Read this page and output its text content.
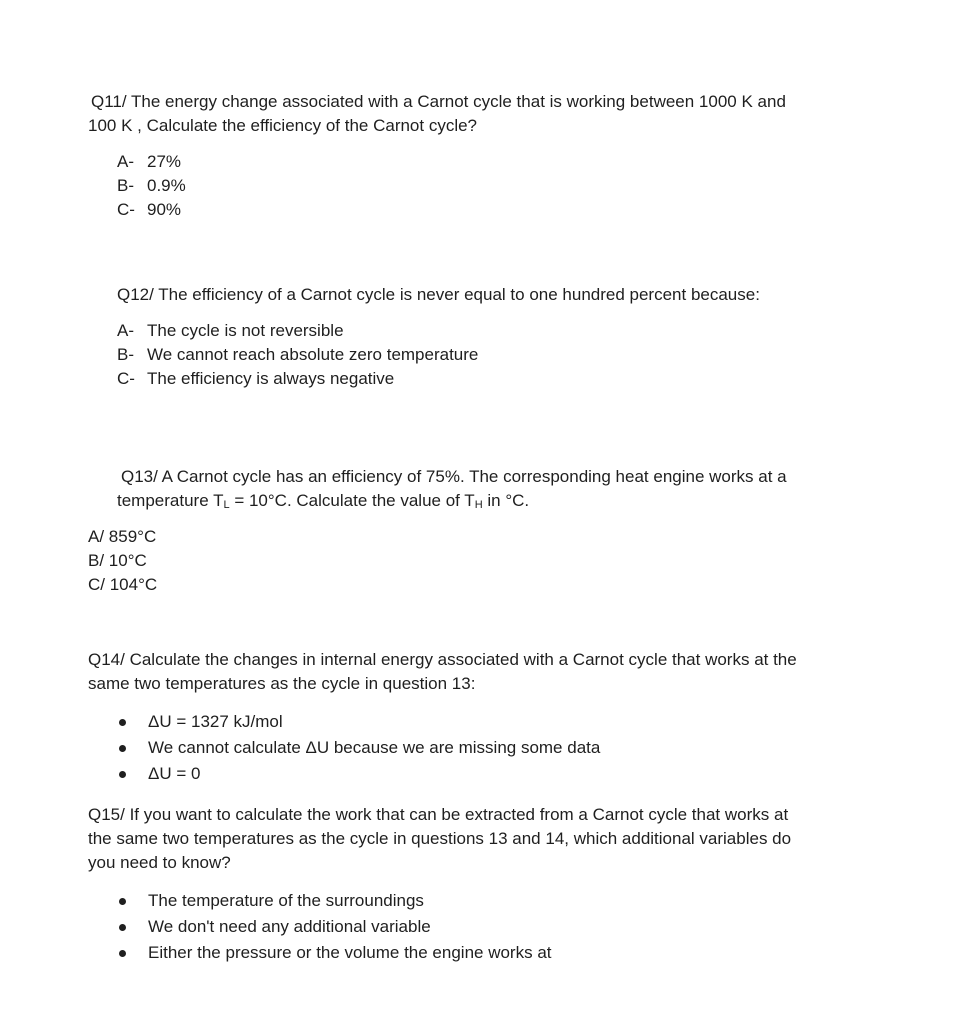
Q11/ The energy change associated with a Carnot cycle that is working between 1000 K and
100 K , Calculate the efficiency of the Carnot cycle?
A- 27%
B- 0.9%
C- 90%
Q12/ The efficiency of a Carnot cycle is never equal to one hundred percent because:
A- The cycle is not reversible
B- We cannot reach absolute zero temperature
C- The efficiency is always negative
Q13/ A Carnot cycle has an efficiency of 75%. The corresponding heat engine works at a
temperature TL = 10°C. Calculate the value of TH in °C.
A/ 859°C
B/ 10°C
C/ 104°C
Q14/ Calculate the changes in internal energy associated with a Carnot cycle that works at the
same two temperatures as the cycle in question 13:
ΔU = 1327 kJ/mol
We cannot calculate ΔU because we are missing some data
ΔU = 0
Q15/ If you want to calculate the work that can be extracted from a Carnot cycle that works at
the same two temperatures as the cycle in questions 13 and 14, which additional variables do
you need to know?
The temperature of the surroundings
We don't need any additional variable
Either the pressure or the volume the engine works at
